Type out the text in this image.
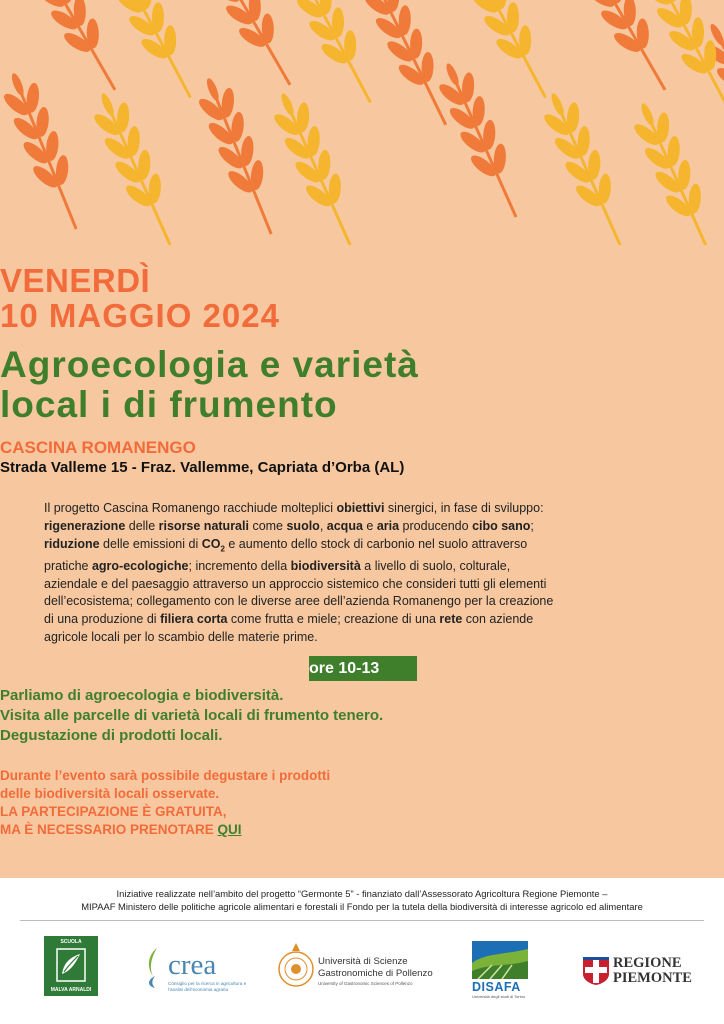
VENERDÌ
10 MAGGIO 2024
Agroecologia e varietà
local i di frumento
CASCINA ROMANENGO
Strada Valleme 15 - Fraz. Vallemme, Capriata d’Orba (AL)
Il progetto Cascina Romanengo racchiude molteplici obiettivi sinergici, in fase di sviluppo:
rigenerazione delle risorse naturali come suolo, acqua e aria producendo cibo sano;
riduzione delle emissioni di $CO_2$ e aumento dello stock di carbonio nel suolo attraverso
pratiche agro-ecologiche; incremento della biodiversità a livello di suolo, colturale,
aziendale e del paesaggio attraverso un approccio sistemico che consideri tutti gli elementi
dell’ecosistema; collegamento con le diverse aree dell’azienda Romanengo per la creazione
di una produzione di filiera corta come frutta e miele; creazione di una rete con aziende
agricole locali per lo scambio delle materie prime.
ore 10-13
Parliamo di agroecologia e biodiversità.
Visita alle parcelle di varietà locali di frumento tenero.
Degustazione di prodotti locali.
Durante l’evento sarà possibile degustare i prodotti
delle biodiversità locali osservate.
LA PARTECIPAZIONE È GRATUITA,
MA È NECESSARIO PRENOTARE QUI
Iniziative realizzate nell’ambito del progetto “Germonte 5” - finanziato dall’Assessorato Agricoltura Regione Piemonte –
MIPAAF Ministero delle politiche agricole alimentari e forestali il Fondo per la tutela della biodiversità di interesse agricolo ed alimentare
SCUOLA
MALVA ARNALDI
crea
Consiglio per la ricerca in agricoltura e l’analisi dell’economia agraria
Università di Scienze
Gastronomiche di Pollenzo
University of Gastronomic Sciences of Pollenzo	DISAFA
Università degli studi di Torino
REGIONE
PIEMONTE
